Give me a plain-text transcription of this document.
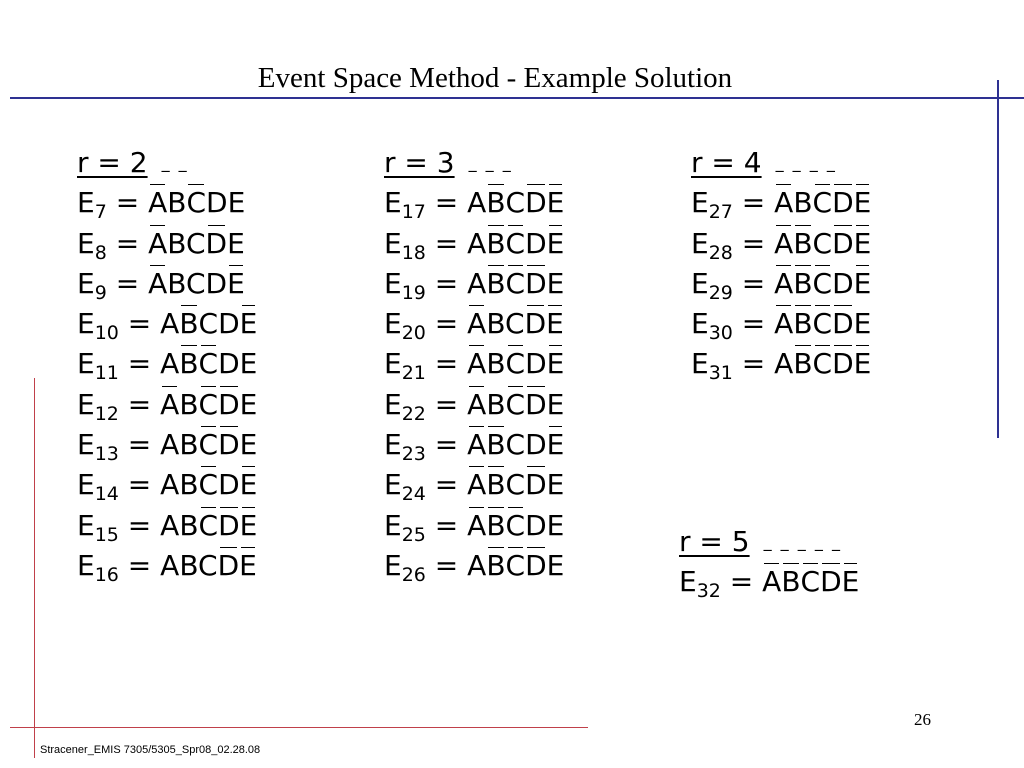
Event Space Method - Example Solution
r = 2 _ _
$E_7$ = ABCDE
$E_8$ = ABCDE
$E_9$ = ABCDE
$E_{10}$ = ABCDE
$E_{11}$ = ABCDE
$E_{12}$ = ABCDE
$E_{13}$ = ABCDE
$E_{14}$ = ABCDE
$E_{15}$ = ABCDE
$E_{16}$ = ABCDE
r = 3 _ _ _
$E_{17}$ = ABCDE
$E_{18}$ = ABCDE
$E_{19}$ = ABCDE
$E_{20}$ = ABCDE
$E_{21}$ = ABCDE
$E_{22}$ = ABCDE
$E_{23}$ = ABCDE
$E_{24}$ = ABCDE
$E_{25}$ = ABCDE
$E_{26}$ = ABCDE
r = 4 _ _ _ _
$E_{27}$ = ABCDE
$E_{28}$ = ABCDE
$E_{29}$ = ABCDE
$E_{30}$ = ABCDE
$E_{31}$ = ABCDE
r = 5 _ _ _ _ _
$E_{32}$ = ABCDE
26
Stracener_EMIS 7305/5305_Spr08_02.28.08
